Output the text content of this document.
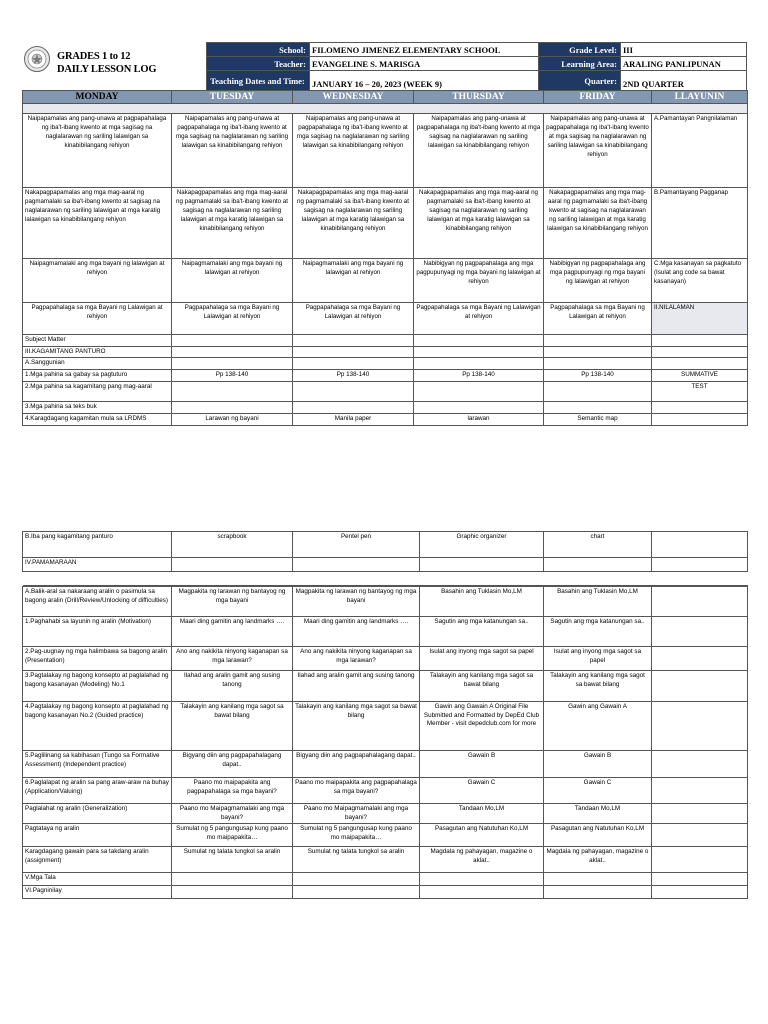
GRADES 1 to 12
DAILY LESSON LOG
School:	FILOMENO JIMENEZ ELEMENTARY SCHOOL	Grade Level:	III
Teacher:	EVANGELINE S. MARISGA	Learning Area:	ARALING PANLIPUNAN
Teaching Dates and Time:	JANUARY 16 – 20, 2023 (WEEK 9)	Quarter:	2ND QUARTER
MONDAY	TUESDAY	WEDNESDAY	THURSDAY	FRIDAY	LLAYUNIN

Naipapamalas ang pang-unawa at pagpapahalaga ng iba't-ibang kwento at mga sagisag na naglalarawan ng sariling lalawigan sa kinabibilangang rehiyon	Naipapamalas ang pang-unawa at pagpapahalaga ng iba't-ibang kwento at mga sagisag na naglalarawan ng sariling lalawigan sa kinabibilangang rehiyon	Naipapamalas ang pang-unawa at pagpapahalaga ng iba't-ibang kwento at mga sagisag na naglalarawan ng sariling lalawigan sa kinabibilangang rehiyon	Naipapamalas ang pang-unawa at pagpapahalaga ng iba't-ibang kwento at mga sagisag na naglalarawan ng sariling lalawigan sa kinabibilangang rehiyon	Naipapamalas ang pang-unawa at pagpapahalaga ng iba't-ibang kwento at mga sagisag na naglalarawan ng sariling lalawigan sa kinabibilangang rehiyon	A.Pamantayan Pangnilalaman
Nakapagpapamalas ang mga mag-aaral ng pagmamalaki sa iba't-ibang kwento at sagisag na naglalarawan ng sariling lalawigan at mga karatig lalawigan sa kinabibilangang rehiyon	Nakapagpapamalas ang mga mag-aaral ng pagmamalaki sa iba't-ibang kwento at sagisag na naglalarawan ng sariling lalawigan at mga karatig lalawigan sa kinabibilangang rehiyon	Nakapagpapamalas ang mga mag-aaral ng pagmamalaki sa iba't-ibang kwento at sagisag na naglalarawan ng sariling lalawigan at mga karatig lalawigan sa kinabibilangang rehiyon	Nakapagpapamalas ang mga mag-aaral ng pagmamalaki sa iba't-ibang kwento at sagisag na naglalarawan ng sariling lalawigan at mga karatig lalawigan sa kinabibilangang rehiyon	Nakapagpapamalas ang mga mag-aaral ng pagmamalaki sa iba't-ibang kwento at sagisag na naglalarawan ng sariling lalawigan at mga karatig lalawigan sa kinabibilangang rehiyon	B.Pamantayang Pagganap
Naipagmamalaki ang mga bayani ng lalawigan at rehiyon	Naipagmamalaki ang mga bayani ng lalawigan at rehiyon	Naipagmamalaki ang mga bayani ng lalawigan at rehiyon	Nabibigyan ng pagpapahalaga ang mga pagpupunyagi ng mga bayani ng lalawigan at rehiyon	Nabibigyan ng pagpapahalaga ang mga pagpupunyagi ng mga bayani ng lalawigan at rehiyon	C.Mga kasanayan sa pagkatuto (Isulat ang code sa bawat kasanayan)
Pagpapahalaga sa mga Bayani ng Lalawigan at rehiyon	Pagpapahalaga sa mga Bayani ng Lalawigan at rehiyon	Pagpapahalaga sa mga Bayani ng Lalawigan at rehiyon	Pagpapahalaga sa mga Bayani ng Lalawigan at rehiyon	Pagpapahalaga sa mga Bayani ng Lalawigan at rehiyon	II.NILALAMAN
Subject Matter					
III.KAGAMITANG PANTURO					
A.Sanggunian					
1.Mga pahina sa gabay sa pagtuturo	Pp 138-140	Pp 138-140	Pp 138-140	Pp 138-140	SUMMATIVE
2.Mga pahina sa kagamitang pang mag-aaral					TEST
3.Mga pahina sa teks buk					
4.Karagdagang kagamitan mula sa LRDMS	Larawan ng bayani	Manila paper	larawan	Semantic map	
B.Iba pang kagamitang panturo	scrapbook	Pentel pen	Graphic organizer	chart	
IV.PAMAMARAAN					

A.Balik-aral sa nakaraang aralin o pasimula sa bagong aralin (Drill/Review/Unlocking of difficulties)	Magpakita ng larawan ng bantayog ng mga bayani	Magpakita ng larawan ng bantayog ng mga bayani	Basahin ang Tuklasin Mo,LM	Basahin ang Tuklasin Mo,LM	
1.Paghahabi sa layunin ng aralin (Motivation)	Maari ding gamitin ang landmarks ….	Maari ding gamitin ang landmarks ….	Sagutin ang mga katanungan sa..	Sagutin ang mga katanungan sa..	
2.Pag-uugnay ng mga halimbawa sa bagong aralin (Presentation)	Ano ang nakikita ninyong kaganapan sa mga larawan?	Ano ang nakikita ninyong kaganapan sa mga larawan?	Isulat ang inyong mga sagot sa papel	Isulat ang inyong mga sagot sa papel	
3.Pagtalakay ng bagong konsepto at paglalahad ng bagong kasanayan (Modeling) No.1	Ilahad ang aralin gamit ang susing tanong	Ilahad ang aralin gamit ang susing tanong	Talakayin ang kanilang mga sagot sa bawat bilang	Talakayin ang kanilang mga sagot sa bawat bilang	
4.Pagtalakay ng bagong konsepto at paglalahad ng bagong kasanayan No.2 (Guided practice)	Talakayin ang kanilang mga sagot sa bawat bilang	Talakayin ang kanilang mga sagot sa bawat bilang	Gawin ang Gawain A Original File Submitted and Formatted by DepEd Club Member - visit depedclub.com for more	Gawin ang Gawain A	
5.Paglilinang sa kabihasan (Tungo sa Formative Assessment) (Independent practice)	Bigyang diin ang pagpapahalagang dapat..	Bigyang diin ang pagpapahalagang dapat..	Gawain B	Gawain B	
6.Paglalapat ng aralin sa pang araw-araw na buhay (Application/Valuing)	Paano mo maipapakita ang pagpapahalaga sa mga bayani?	Paano mo maipapakita ang pagpapahalaga sa mga bayani?	Gawain C	Gawain C	
Paglalahat ng aralin (Generalization)	Paano mo Maipagmamalaki ang mga bayani?	Paano mo Maipagmamalaki ang mga bayani?	Tandaan Mo,LM	Tandaan Mo,LM	
Pagtataya ng aralin	Sumulat ng 5 pangungusap kung paano mo maipapakita…	Sumulat ng 5 pangungusap kung paano mo maipapakita…	Pasagutan ang Natutuhan Ko,LM	Pasagutan ang Natutuhan Ko,LM	
Karagdagang gawain para sa takdang aralin (assignment)	Sumulat ng talata tungkol sa aralin	Sumulat ng talata tungkol sa aralin	Magdala ng pahayagan, magazine o aklat..	Magdala ng pahayagan, magazine o aklat..	
V.Mga Tala					
VI.Pagninilay					
